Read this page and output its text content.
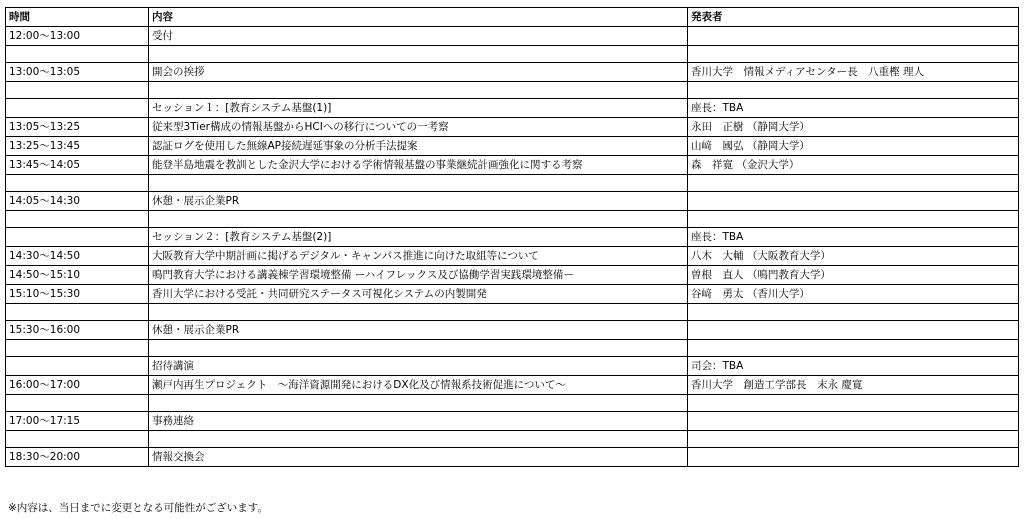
時間	内容	発表者
12:00～13:00	受付	

13:00～13:05	開会の挨拶	香川大学　情報メディアセンター長　八重樫 理人

	セッション１：[教育システム基盤(1)]	座長：TBA
13:05～13:25	従来型3Tier構成の情報基盤からHCIへの移行についての一考察	永田　正樹 （静岡大学）
13:25～13:45	認証ログを使用した無線AP接続遅延事象の分析手法提案	山﨑　國弘 （静岡大学）
13:45～14:05	能登半島地震を教訓とした金沢大学における学術情報基盤の事業継続計画強化に関する考察	森　祥寛 （金沢大学）

14:05～14:30	休憩・展示企業PR	

	セッション２：[教育システム基盤(2)]	座長：TBA
14:30～14:50	大阪教育大学中期計画に掲げるデジタル・キャンパス推進に向けた取組等について	八木　大輔 （大阪教育大学）
14:50～15:10	鳴門教育大学における講義棟学習環境整備 ーハイフレックス及び協働学習実践環境整備ー	曽根　直人 （鳴門教育大学）
15:10～15:30	香川大学における受託・共同研究ステータス可視化システムの内製開発	谷﨑　勇太 （香川大学）

15:30～16:00	休憩・展示企業PR	

	招待講演	司会：TBA
16:00～17:00	瀬戸内再生プロジェクト　～海洋資源開発におけるDX化及び情報系技術促進について～	香川大学　創造工学部長　末永 慶寛

17:00～17:15	事務連絡	

18:30～20:00	情報交換会	
※内容は、当日までに変更となる可能性がございます。
